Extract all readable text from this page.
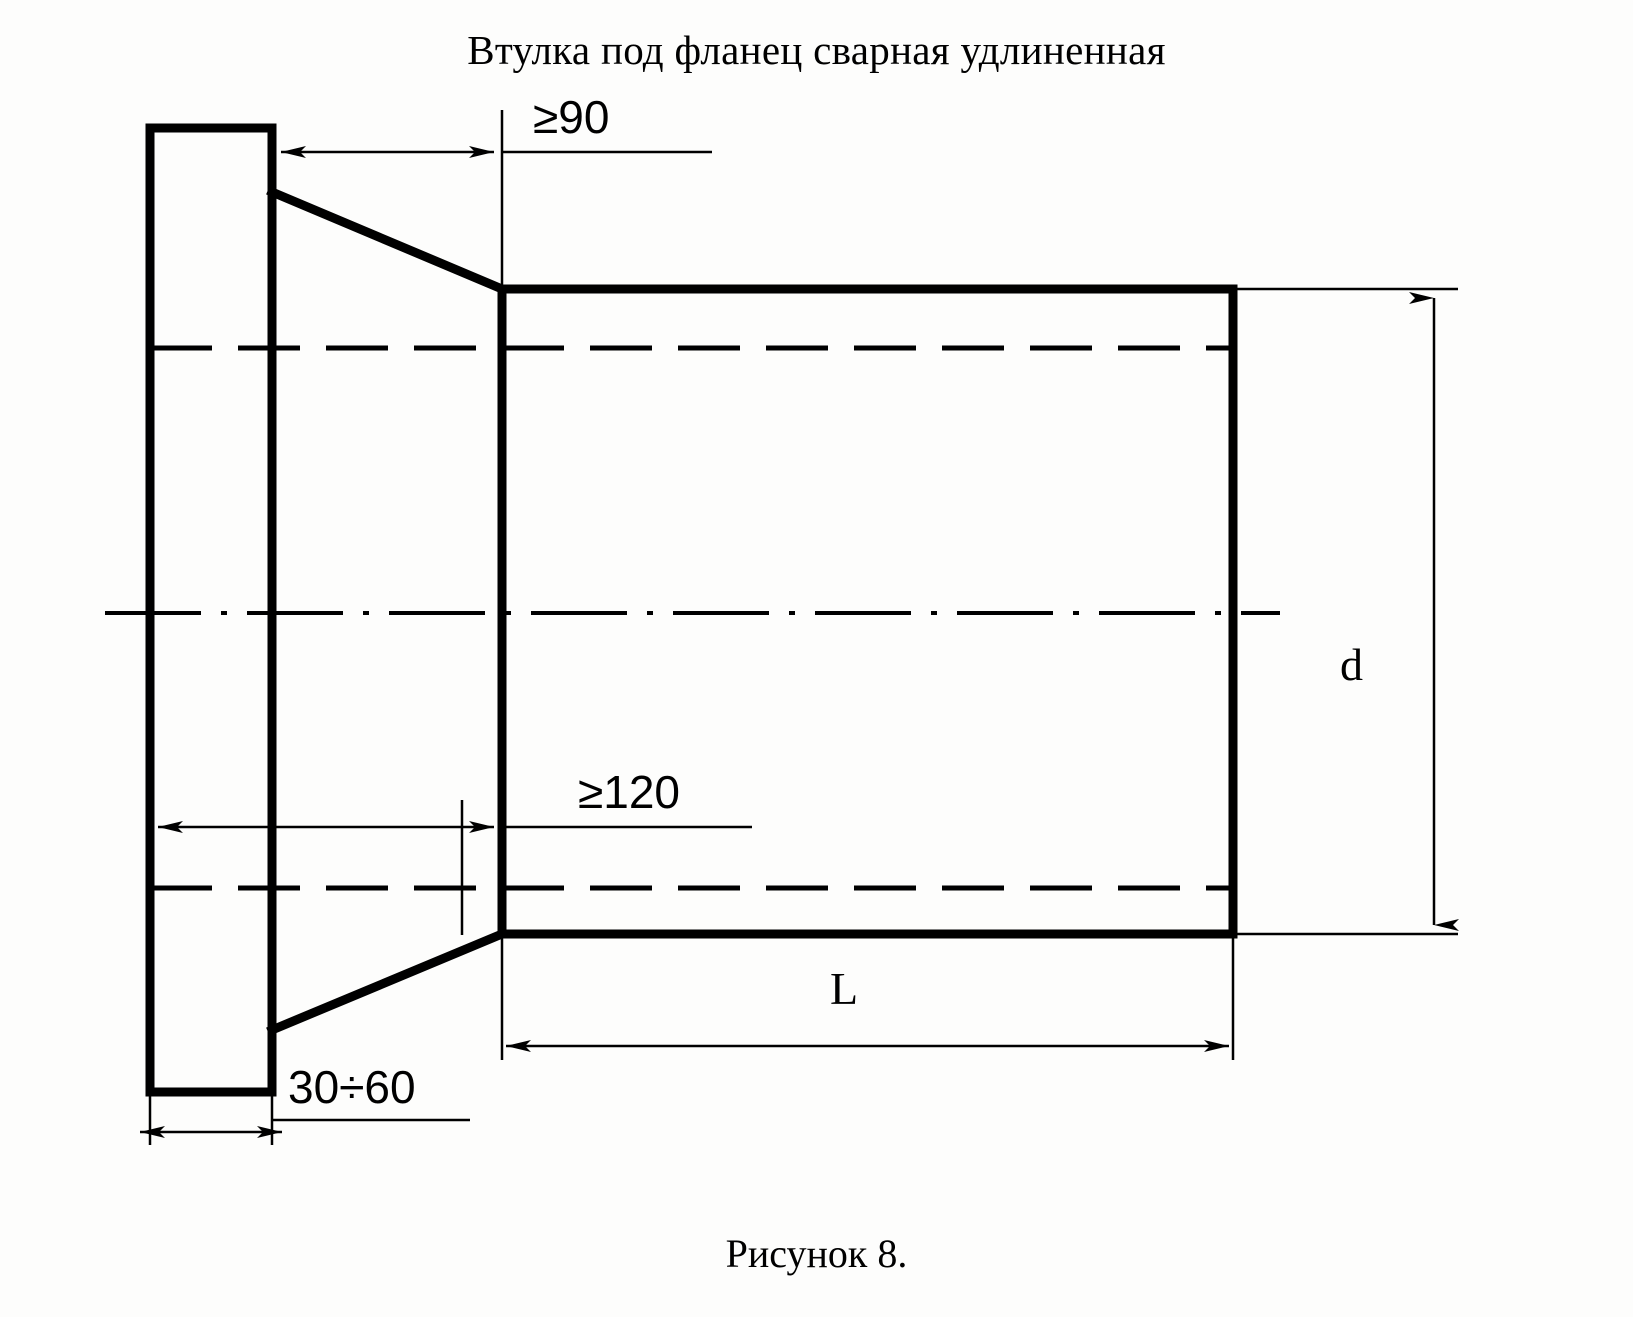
Втулка под фланец сварная удлиненная
≥90
≥120
30÷60
d
L
Рисунок 8.
